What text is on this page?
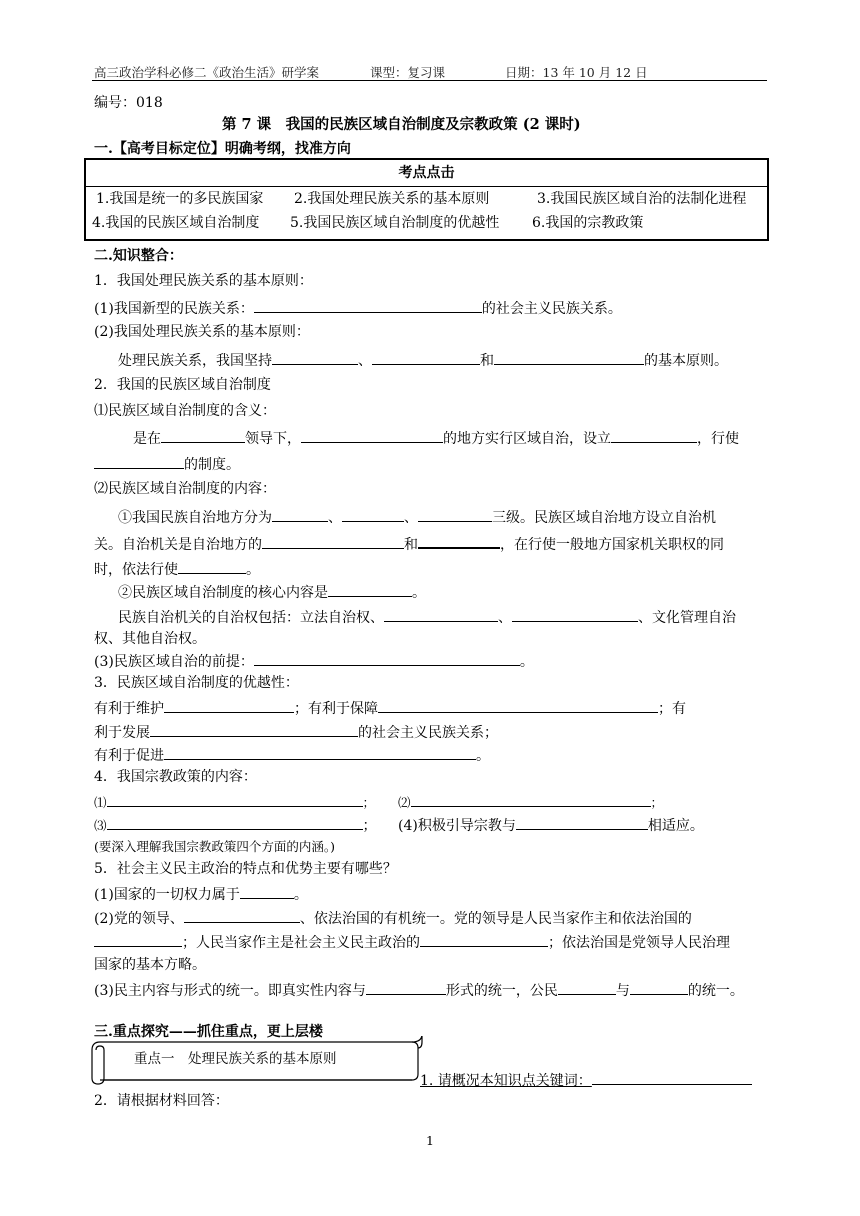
高三政治学科必修二《政治生活》研学案	课型：复习课	日期：13 年 10 月 12 日
编号：018
第 7 课　我国的民族区域自治制度及宗教政策 (2 课时)
一.【高考目标定位】明确考纲，找准方向
考点点击
1.我国是统一的多民族国家 2.我国处理民族关系的基本原则	3.我国民族区域自治的法制化进程
4.我国的民族区域自治制度 5.我国民族区域自治制度的优越性 6.我国的宗教政策
二.知识整合：
1．我国处理民族关系的基本原则：
(1)我国新型的民族关系：	的社会主义民族关系。
(2)我国处理民族关系的基本原则：
处理民族关系，我国坚持	、	和	的基本原则。
2．我国的民族区域自治制度
⑴民族区域自治制度的含义：
是在	领导下，	的地方实行区域自治，设立	，行使
的制度。
⑵民族区域自治制度的内容：
①我国民族自治地方分为	、	、	三级。民族区域自治地方设立自治机
关。自治机关是自治地方的	和	，在行使一般地方国家机关职权的同
时，依法行使	。
②民族区域自治制度的核心内容是	。
民族自治机关的自治权包括：立法自治权、	、	、文化管理自治
权、其他自治权。
(3)民族区域自治的前提：	。
3．民族区域自治制度的优越性：
有利于维护	；有利于保障	；有
利于发展	的社会主义民族关系；
有利于促进	。
4．我国宗教政策的内容：
⑴	； ⑵	；
⑶	； (4)积极引导宗教与	相适应。
(要深入理解我国宗教政策四个方面的内涵。)
5．社会主义民主政治的特点和优势主要有哪些？
(1)国家的一切权力属于	。
(2)党的领导、	、依法治国的有机统一。党的领导是人民当家作主和依法治国的
；人民当家作主是社会主义民主政治的	；依法治国是党领导人民治理
国家的基本方略。
(3)民主内容与形式的统一。即真实性内容与	形式的统一，公民	与	的统一。
三.重点探究——抓住重点，更上层楼
重点一　处理民族关系的基本原则
1. 请概况本知识点关键词：
2．请根据材料回答：
1
